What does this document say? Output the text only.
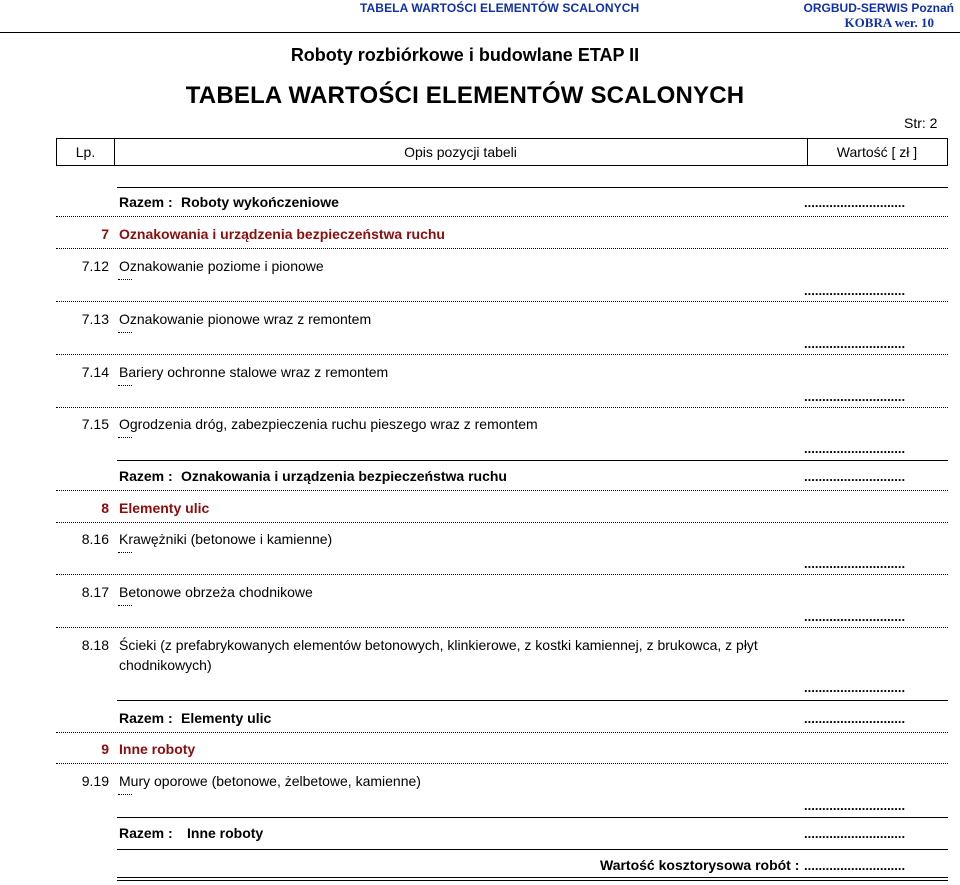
TABELA WARTOŚCI ELEMENTÓW SCALONYCH	ORGBUD-SERWIS Poznań
KOBRA wer. 10
Roboty rozbiórkowe i budowlane ETAP II
TABELA WARTOŚCI ELEMENTÓW SCALONYCH
Str: 2
Lp.	Opis pozycji tabeli	Wartość [ zł ]
Razem : Roboty wykończeniowe	............................
7 Oznakowania i urządzenia bezpieczeństwa ruchu
7.12 Oznakowanie poziome i pionowe
............................
7.13 Oznakowanie pionowe wraz z remontem
............................
7.14 Bariery ochronne stalowe wraz z remontem
............................
7.15 Ogrodzenia dróg, zabezpieczenia ruchu pieszego wraz z remontem
............................
Razem : Oznakowania i urządzenia bezpieczeństwa ruchu	............................
8 Elementy ulic
8.16 Krawężniki (betonowe i kamienne)
............................
8.17 Betonowe obrzeża chodnikowe
............................
8.18 Ścieki (z prefabrykowanych elementów betonowych, klinkierowe, z kostki kamiennej, z brukowca, z płyt
chodnikowych)
............................
Razem : Elementy ulic	............................
9 Inne roboty
9.19 Mury oporowe (betonowe, żelbetowe, kamienne)
............................
Razem : Inne roboty	............................
Wartość kosztorysowa robót : ............................
